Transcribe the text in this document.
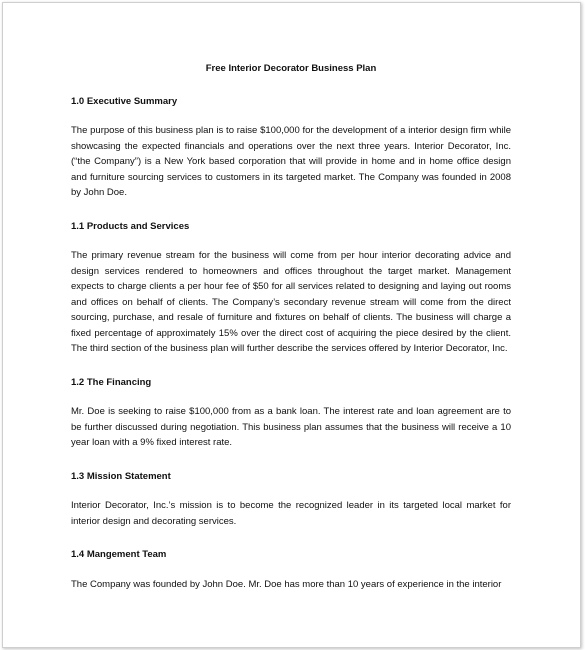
Free Interior Decorator Business Plan
1.0 Executive Summary
The purpose of this business plan is to raise $100,000 for the development of a interior design firm while showcasing the expected financials and operations over the next three years. Interior Decorator, Inc. (“the Company”) is a New York based corporation that will provide in home and in home office design and furniture sourcing services to customers in its targeted market. The Company was founded in 2008 by John Doe.
1.1 Products and Services
The primary revenue stream for the business will come from per hour interior decorating advice and design services rendered to homeowners and offices throughout the target market. Management expects to charge clients a per hour fee of $50 for all services related to designing and laying out rooms and offices on behalf of clients. The Company’s secondary revenue stream will come from the direct sourcing, purchase, and resale of furniture and fixtures on behalf of clients. The business will charge a fixed percentage of approximately 15% over the direct cost of acquiring the piece desired by the client. The third section of the business plan will further describe the services offered by Interior Decorator, Inc.
1.2 The Financing
Mr. Doe is seeking to raise $100,000 from as a bank loan. The interest rate and loan agreement are to be further discussed during negotiation. This business plan assumes that the business will receive a 10 year loan with a 9% fixed interest rate.
1.3 Mission Statement
Interior Decorator, Inc.’s mission is to become the recognized leader in its targeted local market for interior design and decorating services.
1.4 Mangement Team
The Company was founded by John Doe. Mr. Doe has more than 10 years of experience in the interior
